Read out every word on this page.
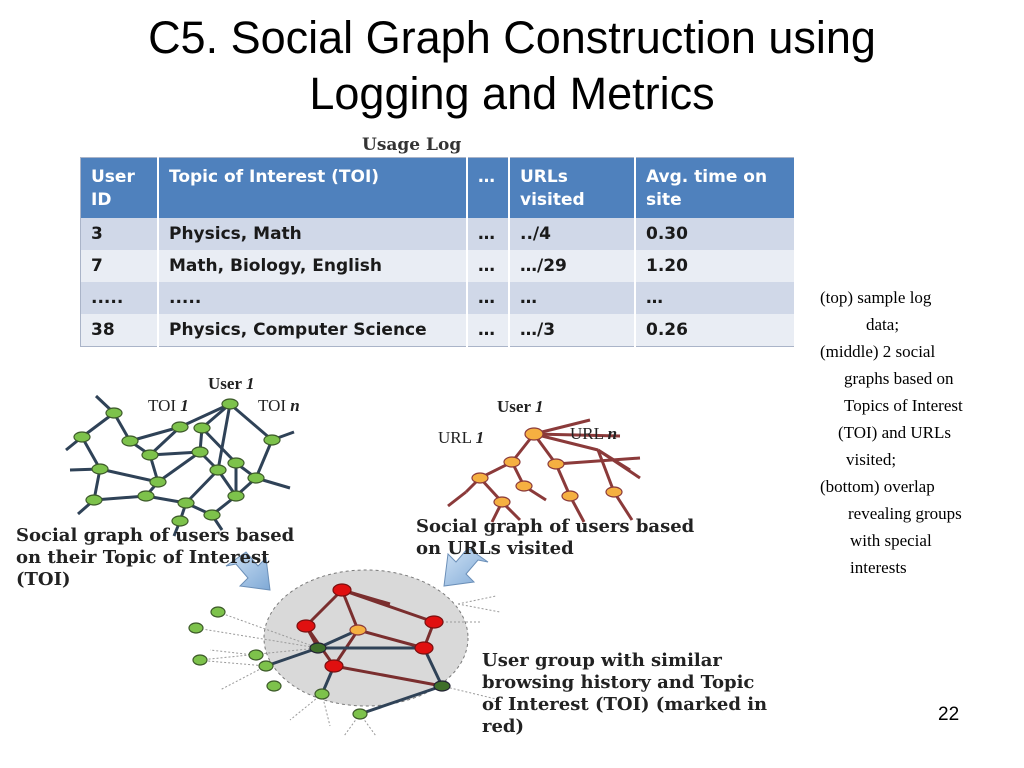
C5. Social Graph Construction using
Logging and Metrics
Usage Log
User ID	Topic of Interest (TOI)	…	URLs visited	Avg. time on site
3	Physics, Math	…	../4	0.30
7	Math, Biology, English	…	…/29	1.20
.....	.....	…	…	…
38	Physics, Computer Science	…	…/3	0.26
User 1
TOI 1	TOI n	User 1
URL 1	URL n
Social graph of users based
on their Topic of Interest
(TOI)
Social graph of users based
on URLs visited
User group with similar
browsing history and Topic
of Interest (TOI) (marked in
red)

(top) sample log

data;

(middle) 2 social

graphs based on

Topics of Interest

(TOI) and URLs

visited;

(bottom) overlap

revealing groups

with special

interests

22
